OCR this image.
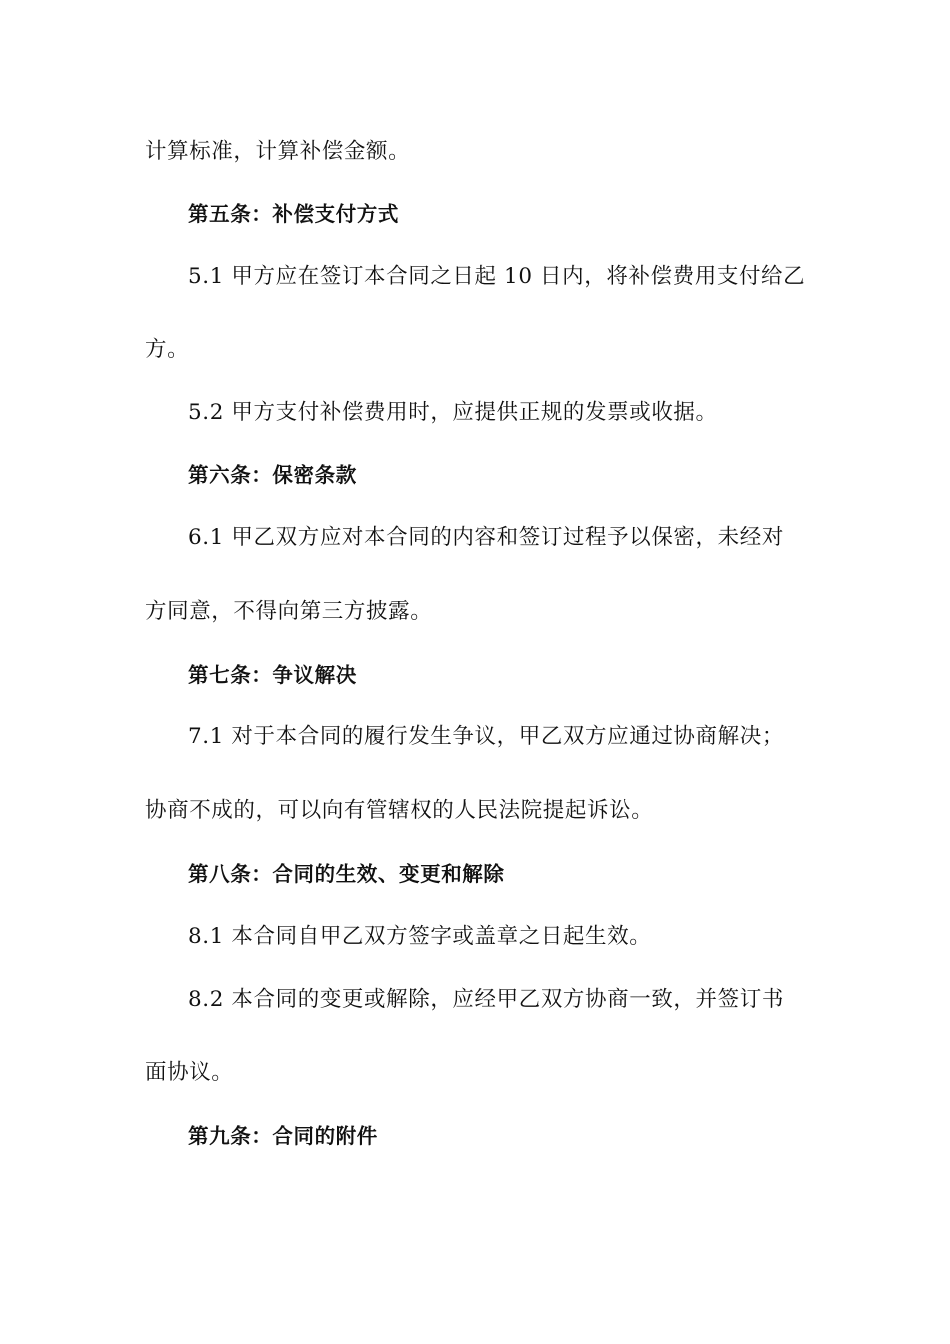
计算标准，计算补偿金额。
第五条：补偿支付方式
5.1 甲方应在签订本合同之日起 10 日内，将补偿费用支付给乙
方。
5.2 甲方支付补偿费用时，应提供正规的发票或收据。
第六条：保密条款
6.1 甲乙双方应对本合同的内容和签订过程予以保密，未经对
方同意，不得向第三方披露。
第七条：争议解决
7.1 对于本合同的履行发生争议，甲乙双方应通过协商解决；
协商不成的，可以向有管辖权的人民法院提起诉讼。
第八条：合同的生效、变更和解除
8.1 本合同自甲乙双方签字或盖章之日起生效。
8.2 本合同的变更或解除，应经甲乙双方协商一致，并签订书
面协议。
第九条：合同的附件
